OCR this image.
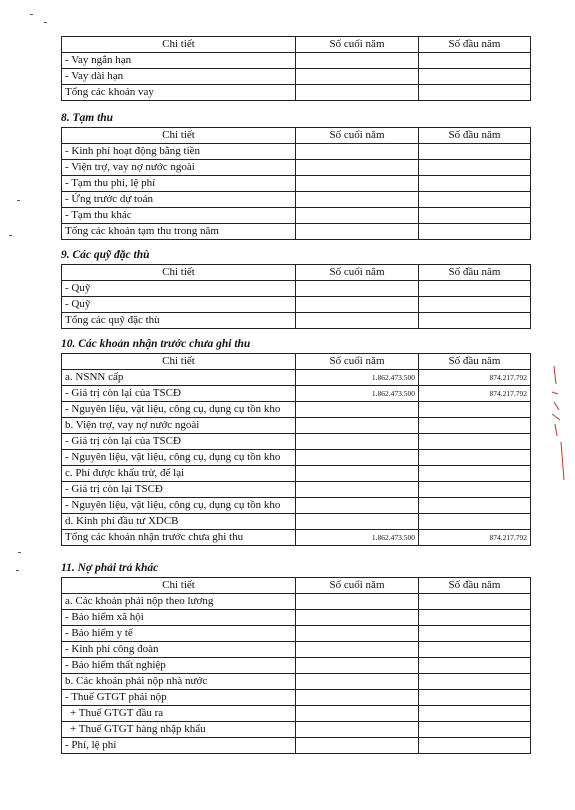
Chi tiết	Số cuối năm	Số đầu năm
- Vay ngắn hạn		
- Vay dài hạn		
Tổng các khoản vay		
8. Tạm thu
Chi tiết	Số cuối năm	Số đầu năm
- Kinh phí hoạt động bằng tiền		
- Viện trợ, vay nợ nước ngoài		
- Tạm thu phí, lệ phí		
- Ứng trước dự toán		
- Tạm thu khác		
Tổng các khoản tạm thu trong năm		
9. Các quỹ đặc thù
Chi tiết	Số cuối năm	Số đầu năm
- Quỹ		
- Quỹ		
Tổng các quỹ đặc thù		
10. Các khoản nhận trước chưa ghi thu
Chi tiết	Số cuối năm	Số đầu năm
a. NSNN cấp	1.862.473.500	874.217.792
- Giá trị còn lại của TSCĐ	1.862.473.500	874.217.792
- Nguyên liệu, vật liệu, công cụ, dụng cụ tồn kho		
b. Viện trợ, vay nợ nước ngoài		
- Giá trị còn lại của TSCĐ		
- Nguyên liệu, vật liệu, công cụ, dụng cụ tồn kho		
c. Phí được khấu trừ, để lại		
- Giá trị còn lại TSCĐ		
- Nguyên liệu, vật liệu, công cụ, dụng cụ tồn kho		
d. Kinh phí đầu tư XDCB		
Tổng các khoản nhận trước chưa ghi thu	1.862.473.500	874.217.792
11. Nợ phải trả khác
Chi tiết	Số cuối năm	Số đầu năm
a. Các khoản phải nộp theo lương		
- Bảo hiểm xã hội		
- Bảo hiểm y tế		
- Kinh phí công đoàn		
- Bảo hiểm thất nghiệp		
b. Các khoản phải nộp nhà nước		
- Thuế GTGT phải nộp		
+ Thuế GTGT đầu ra		
+ Thuế GTGT hàng nhập khẩu		
- Phí, lệ phí		
